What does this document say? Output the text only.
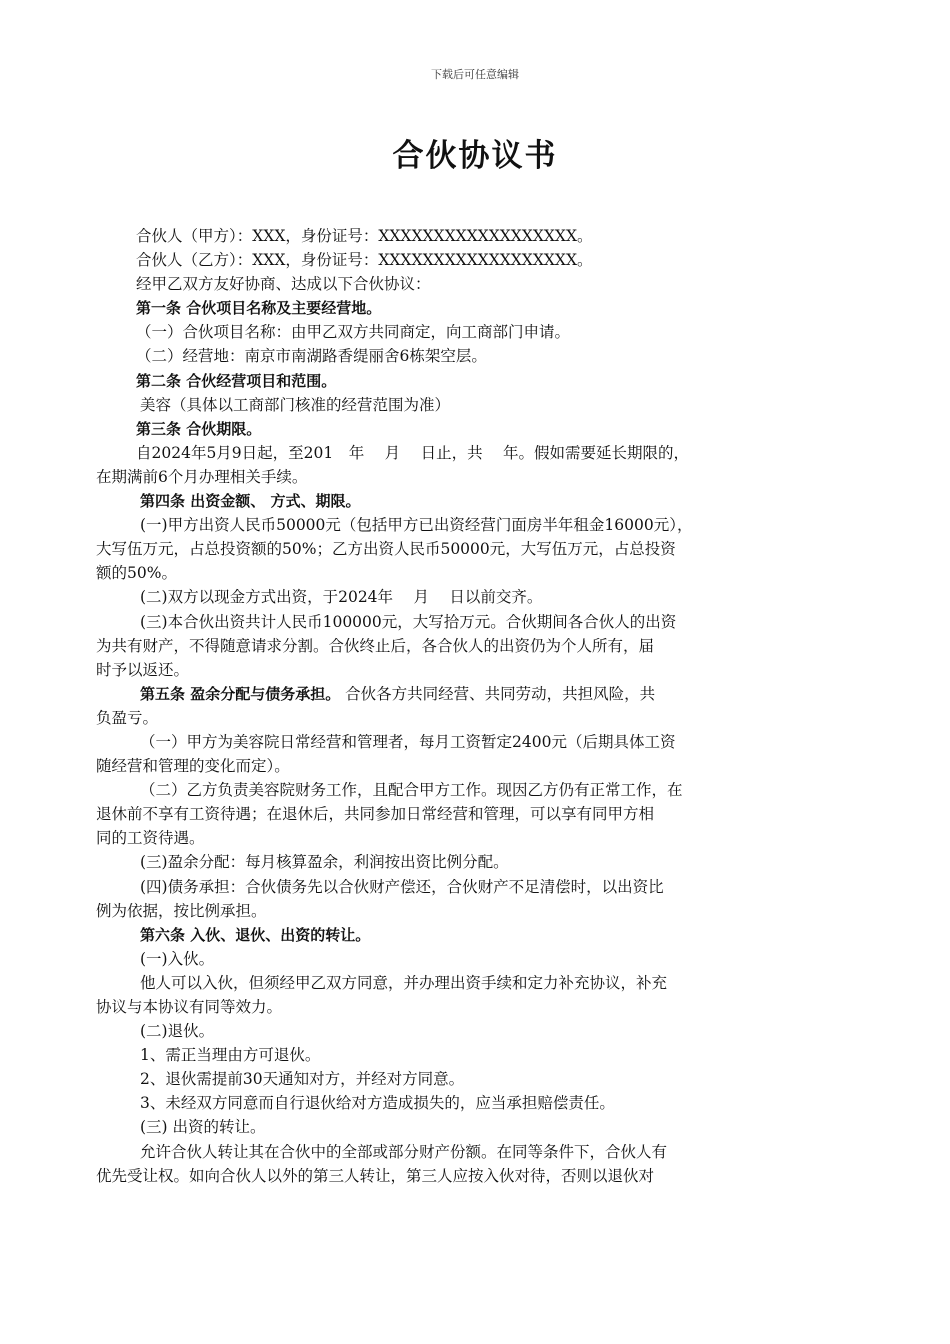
下载后可任意编辑
合伙协议书

合伙人（甲方）：XXX，身份证号：XXXXXXXXXXXXXXXXXX。

合伙人（乙方）：XXX，身份证号：XXXXXXXXXXXXXXXXXX。

经甲乙双方友好协商、达成以下合伙协议：

第一条 合伙项目名称及主要经营地。

（一）合伙项目名称：由甲乙双方共同商定，向工商部门申请。

（二）经营地：南京市南湖路香缇丽舍6栋架空层。

第二条 合伙经营项目和范围。

美容（具体以工商部门核准的经营范围为准）

第三条 合伙期限。

自2024年5月9日起，至201　年　 月　 日止，共　 年。假如需要延长期限的，

在期满前6个月办理相关手续。

第四条 出资金额、 方式、期限。

(一)甲方出资人民币50000元（包括甲方已出资经营门面房半年租金16000元），

大写伍万元，占总投资额的50%；乙方出资人民币50000元，大写伍万元，占总投资

额的50%。

(二)双方以现金方式出资，于2024年　 月　 日以前交齐。

(三)本合伙出资共计人民币100000元，大写拾万元。合伙期间各合伙人的出资

为共有财产，不得随意请求分割。合伙终止后，各合伙人的出资仍为个人所有，届

时予以返还。

第五条 盈余分配与债务承担。 合伙各方共同经营、共同劳动，共担风险，共

负盈亏。

（一）甲方为美容院日常经营和管理者，每月工资暂定2400元（后期具体工资

随经营和管理的变化而定）。

（二）乙方负责美容院财务工作，且配合甲方工作。现因乙方仍有正常工作，在

退休前不享有工资待遇；在退休后，共同参加日常经营和管理，可以享有同甲方相

同的工资待遇。

(三)盈余分配：每月核算盈余，利润按出资比例分配。

(四)债务承担：合伙债务先以合伙财产偿还，合伙财产不足清偿时，以出资比

例为依据，按比例承担。

第六条 入伙、退伙、出资的转让。

(一)入伙。

他人可以入伙，但须经甲乙双方同意，并办理出资手续和定力补充协议，补充

协议与本协议有同等效力。

(二)退伙。

1、需正当理由方可退伙。

2、退伙需提前30天通知对方，并经对方同意。

3、未经双方同意而自行退伙给对方造成损失的，应当承担赔偿责任。

(三) 出资的转让。

允许合伙人转让其在合伙中的全部或部分财产份额。在同等条件下，合伙人有

优先受让权。如向合伙人以外的第三人转让，第三人应按入伙对待，否则以退伙对
